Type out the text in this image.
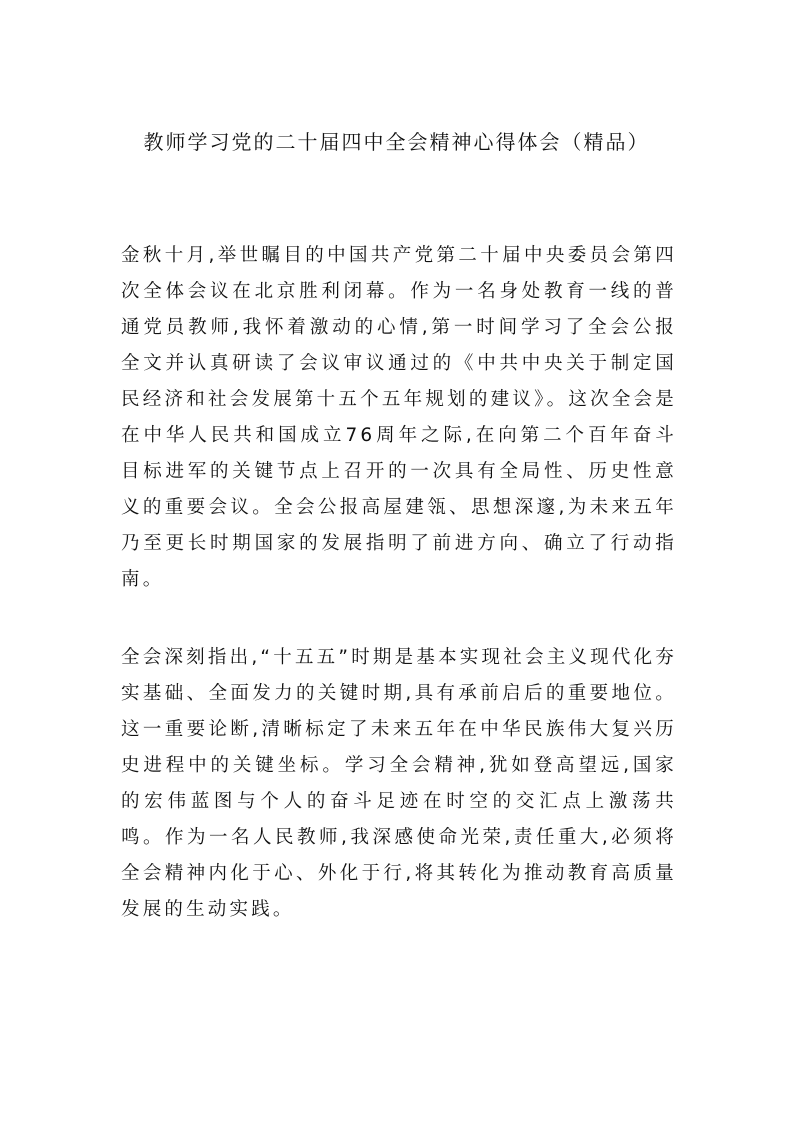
教师学习党的二十届四中全会精神心得体会（精品）

金秋十月,举世瞩目的中国共产党第二十届中央委员会第四次全体会议在北京胜利闭幕。作为一名身处教育一线的普通党员教师,我怀着激动的心情,第一时间学习了全会公报全文并认真研读了会议审议通过的《中共中央关于制定国民经济和社会发展第十五个五年规划的建议》。这次全会是在中华人民共和国成立76周年之际,在向第二个百年奋斗目标进军的关键节点上召开的一次具有全局性、历史性意义的重要会议。全会公报高屋建瓴、思想深邃,为未来五年乃至更长时期国家的发展指明了前进方向、确立了行动指南。

全会深刻指出,“十五五”时期是基本实现社会主义现代化夯实基础、全面发力的关键时期,具有承前启后的重要地位。这一重要论断,清晰标定了未来五年在中华民族伟大复兴历史进程中的关键坐标。学习全会精神,犹如登高望远,国家的宏伟蓝图与个人的奋斗足迹在时空的交汇点上激荡共鸣。作为一名人民教师,我深感使命光荣,责任重大,必须将全会精神内化于心、外化于行,将其转化为推动教育高质量发展的生动实践。
